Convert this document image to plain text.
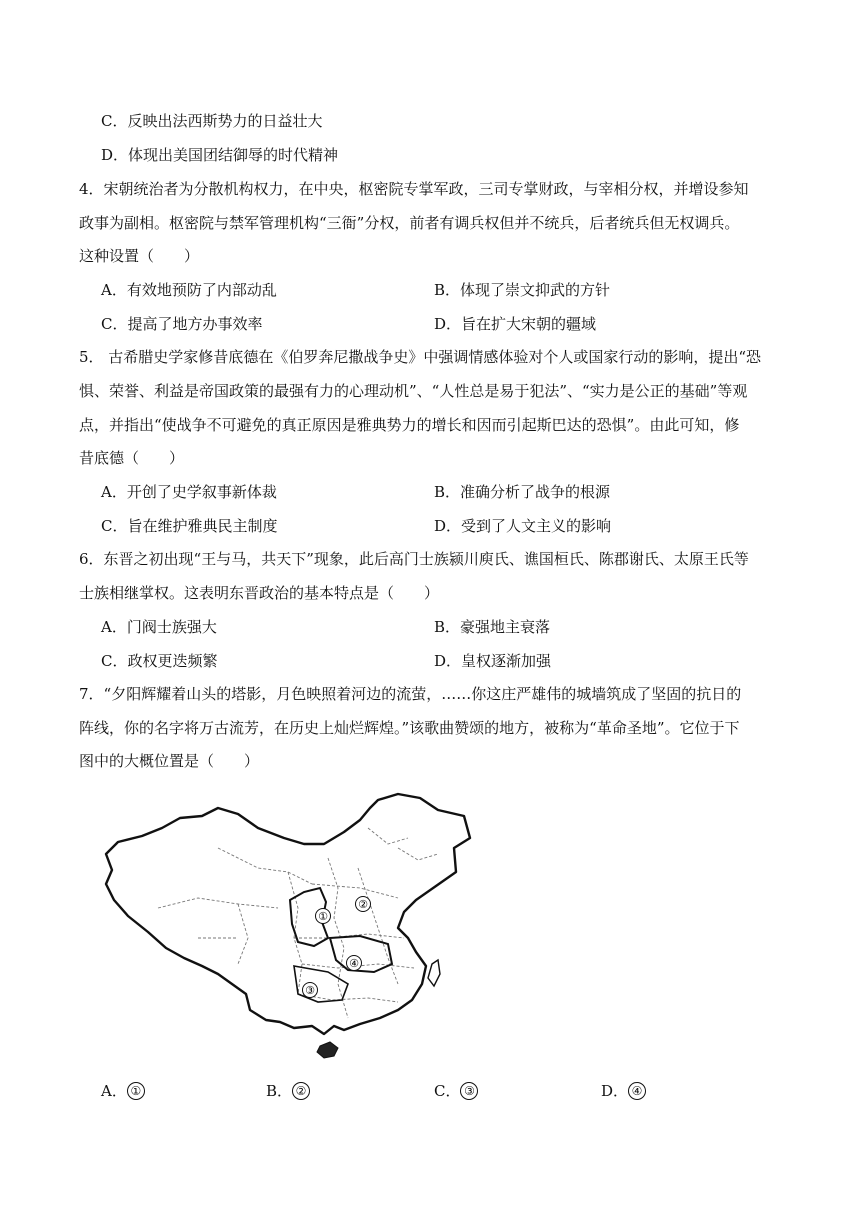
C．反映出法西斯势力的日益壮大
D．体现出美国团结御辱的时代精神
4．宋朝统治者为分散机构权力，在中央，枢密院专掌军政，三司专掌财政，与宰相分权，并增设参知
政事为副相。枢密院与禁军管理机构“三衙”分权，前者有调兵权但并不统兵，后者统兵但无权调兵。
这种设置（　　）
A．有效地预防了内部动乱	B．体现了崇文抑武的方针
C．提高了地方办事效率	D．旨在扩大宋朝的疆域
5． 古希腊史学家修昔底德在《伯罗奔尼撒战争史》中强调情感体验对个人或国家行动的影响，提出“恐
惧、荣誉、利益是帝国政策的最强有力的心理动机”、“人性总是易于犯法”、“实力是公正的基础”等观
点，并指出“使战争不可避免的真正原因是雅典势力的增长和因而引起斯巴达的恐惧”。由此可知，修
昔底德（　　）
A．开创了史学叙事新体裁	B．准确分析了战争的根源
C．旨在维护雅典民主制度	D．受到了人文主义的影响
6．东晋之初出现“王与马，共天下”现象，此后高门士族颍川庾氏、谯国桓氏、陈郡谢氏、太原王氏等
士族相继掌权。这表明东晋政治的基本特点是（　　）
A．门阀士族强大	B．豪强地主衰落
C．政权更迭频繁	D．皇权逐渐加强
7．“夕阳辉耀着山头的塔影，月色映照着河边的流萤，……你这庄严雄伟的城墙筑成了坚固的抗日的
阵线，你的名字将万古流芳，在历史上灿烂辉煌。”该歌曲赞颂的地方，被称为“革命圣地”。它位于下
图中的大概位置是（　　）
①
②
③
④
A． ①	B． ②	C． ③	D． ④
